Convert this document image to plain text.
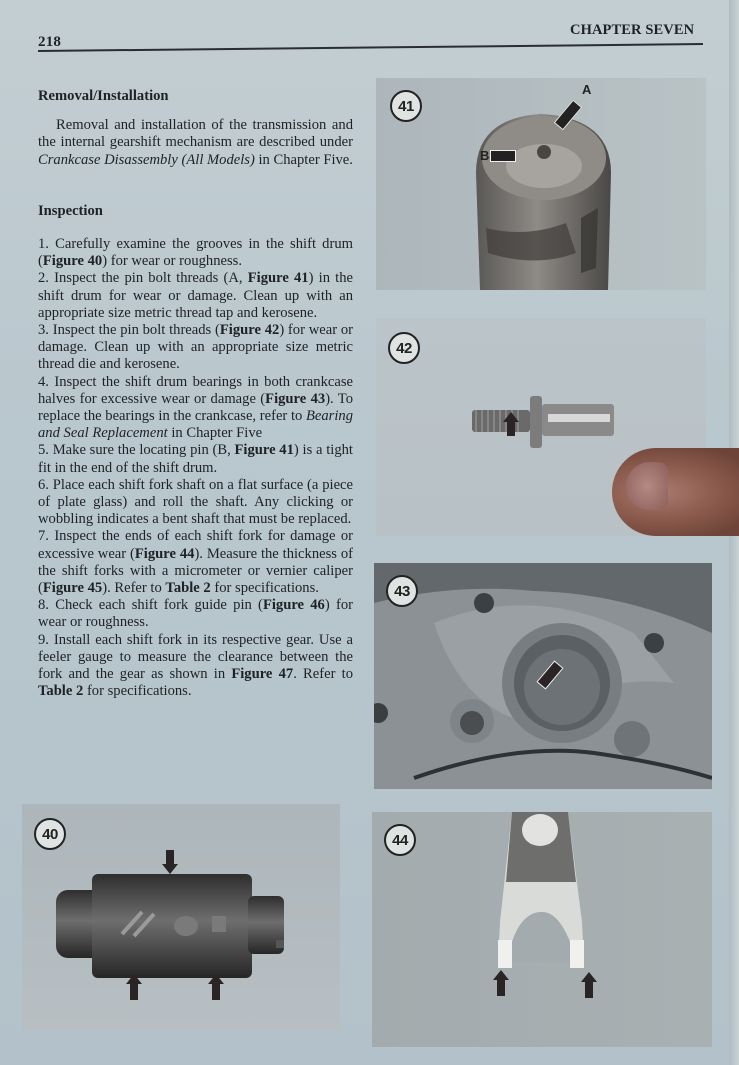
218
CHAPTER SEVEN
Removal/Installation

Removal and installation of the transmission and the internal gearshift mechanism are described under Crankcase Disassembly (All Models) in Chapter Five.

Inspection

1. Carefully examine the grooves in the shift drum (Figure 40) for wear or roughness.

2. Inspect the pin bolt threads (A, Figure 41) in the shift drum for wear or damage. Clean up with an appropriate size metric thread tap and kerosene.

3. Inspect the pin bolt threads (Figure 42) for wear or damage. Clean up with an appropriate size metric thread die and kerosene.

4. Inspect the shift drum bearings in both crankcase halves for excessive wear or damage (Figure 43). To replace the bearings in the crankcase, refer to Bearing and Seal Replacement in Chapter Five

5. Make sure the locating pin (B, Figure 41) is a tight fit in the end of the shift drum.

6. Place each shift fork shaft on a flat surface (a piece of plate glass) and roll the shaft. Any clicking or wobbling indicates a bent shaft that must be replaced.

7. Inspect the ends of each shift fork for damage or excessive wear (Figure 44). Measure the thickness of the shift forks with a micrometer or vernier caliper (Figure 45). Refer to Table 2 for specifications.

8. Check each shift fork guide pin (Figure 46) for wear or roughness.

9. Install each shift fork in its respective gear. Use a feeler gauge to measure the clearance between the fork and the gear as shown in Figure 47. Refer to Table 2 for specifications.

41
B
A
42
43
40	44
